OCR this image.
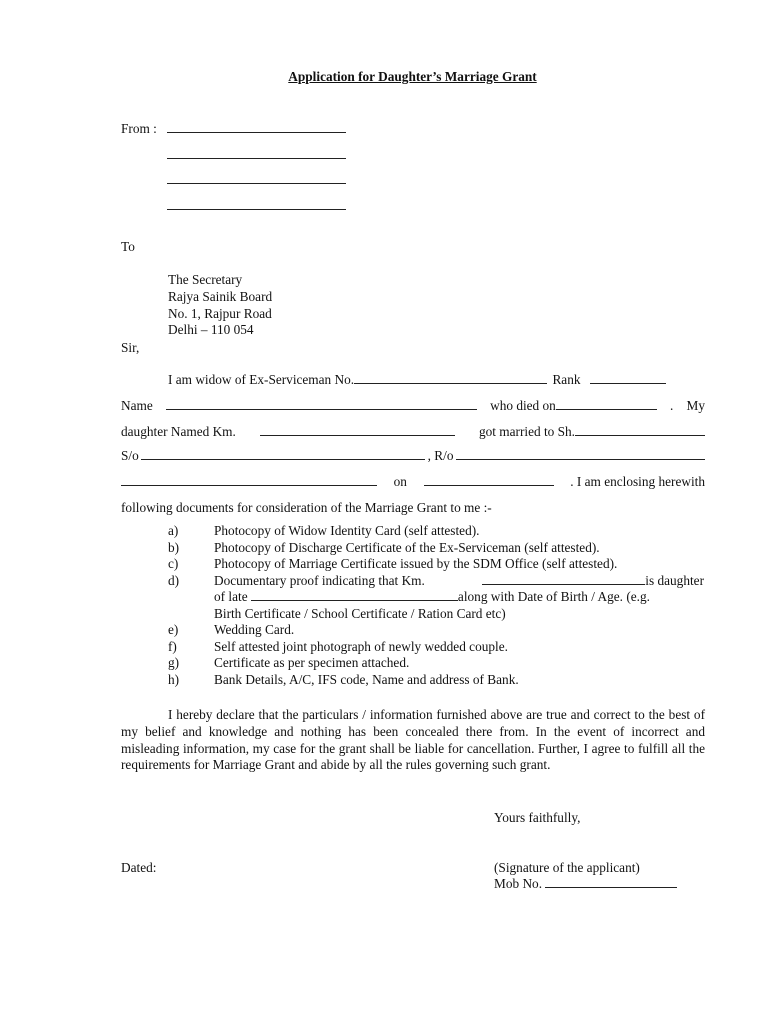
Application for Daughter’s Marriage Grant
From :
To
The Secretary
Rajya Sainik Board
No. 1, Rajpur Road
Delhi – 110 054
Sir,
I am widow of Ex-Serviceman No.	Rank
Name	who died on	. My
daughter Named Km.	got married to Sh.
S/o	, R/o
on	. I am enclosing herewith
following documents for consideration of the Marriage Grant to me :-
a)	Photocopy of Widow Identity Card (self attested).
b)	Photocopy of Discharge Certificate of the Ex-Serviceman (self attested).
c)	Photocopy of Marriage Certificate issued by the SDM Office (self attested).
d)	Documentary proof indicating that Km.	is daughter
of late	along with Date of Birth / Age. (e.g.
Birth Certificate / School Certificate / Ration Card etc)
e)	Wedding Card.
f)	Self attested joint photograph of newly wedded couple.
g)	Certificate as per specimen attached.
h)	Bank Details, A/C, IFS code, Name and address of Bank.
I hereby declare that the particulars / information furnished above are true and correct to the best of my belief and knowledge and nothing has been concealed there from. In the event of incorrect and misleading information, my case for the grant shall be liable for cancellation. Further, I agree to fulfill all the requirements for Marriage Grant and abide by all the rules governing such grant.
Yours faithfully,
Dated:	(Signature of the applicant)
Mob No.
